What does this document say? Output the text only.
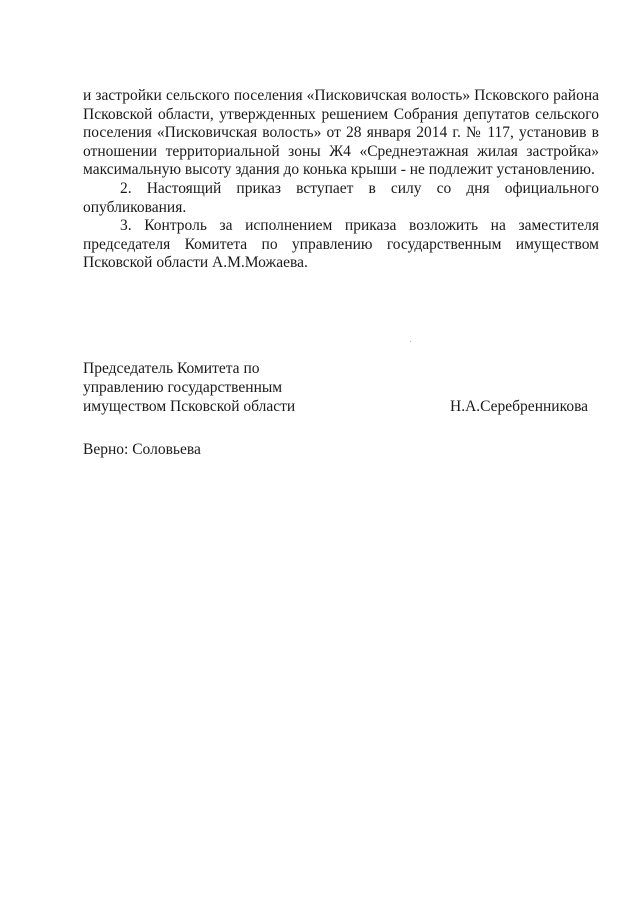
и застройки сельского поселения «Писковичская волость» Псковского района Псковской области, утвержденных решением Собрания депутатов сельского поселения «Писковичская волость» от 28 января 2014 г. № 117, установив в отношении территориальной зоны Ж4 «Среднеэтажная жилая застройка» максимальную высоту здания до конька крыши - не подлежит установлению.

2. Настоящий приказ вступает в силу со дня официального опубликования.

3. Контроль за исполнением приказа возложить на заместителя председателя Комитета по управлению государственным имуществом Псковской области А.М.Можаева.

Председатель Комитета по

управлению государственным

имуществом Псковской области	Н.А.Серебренникова

Верно: Соловьева
